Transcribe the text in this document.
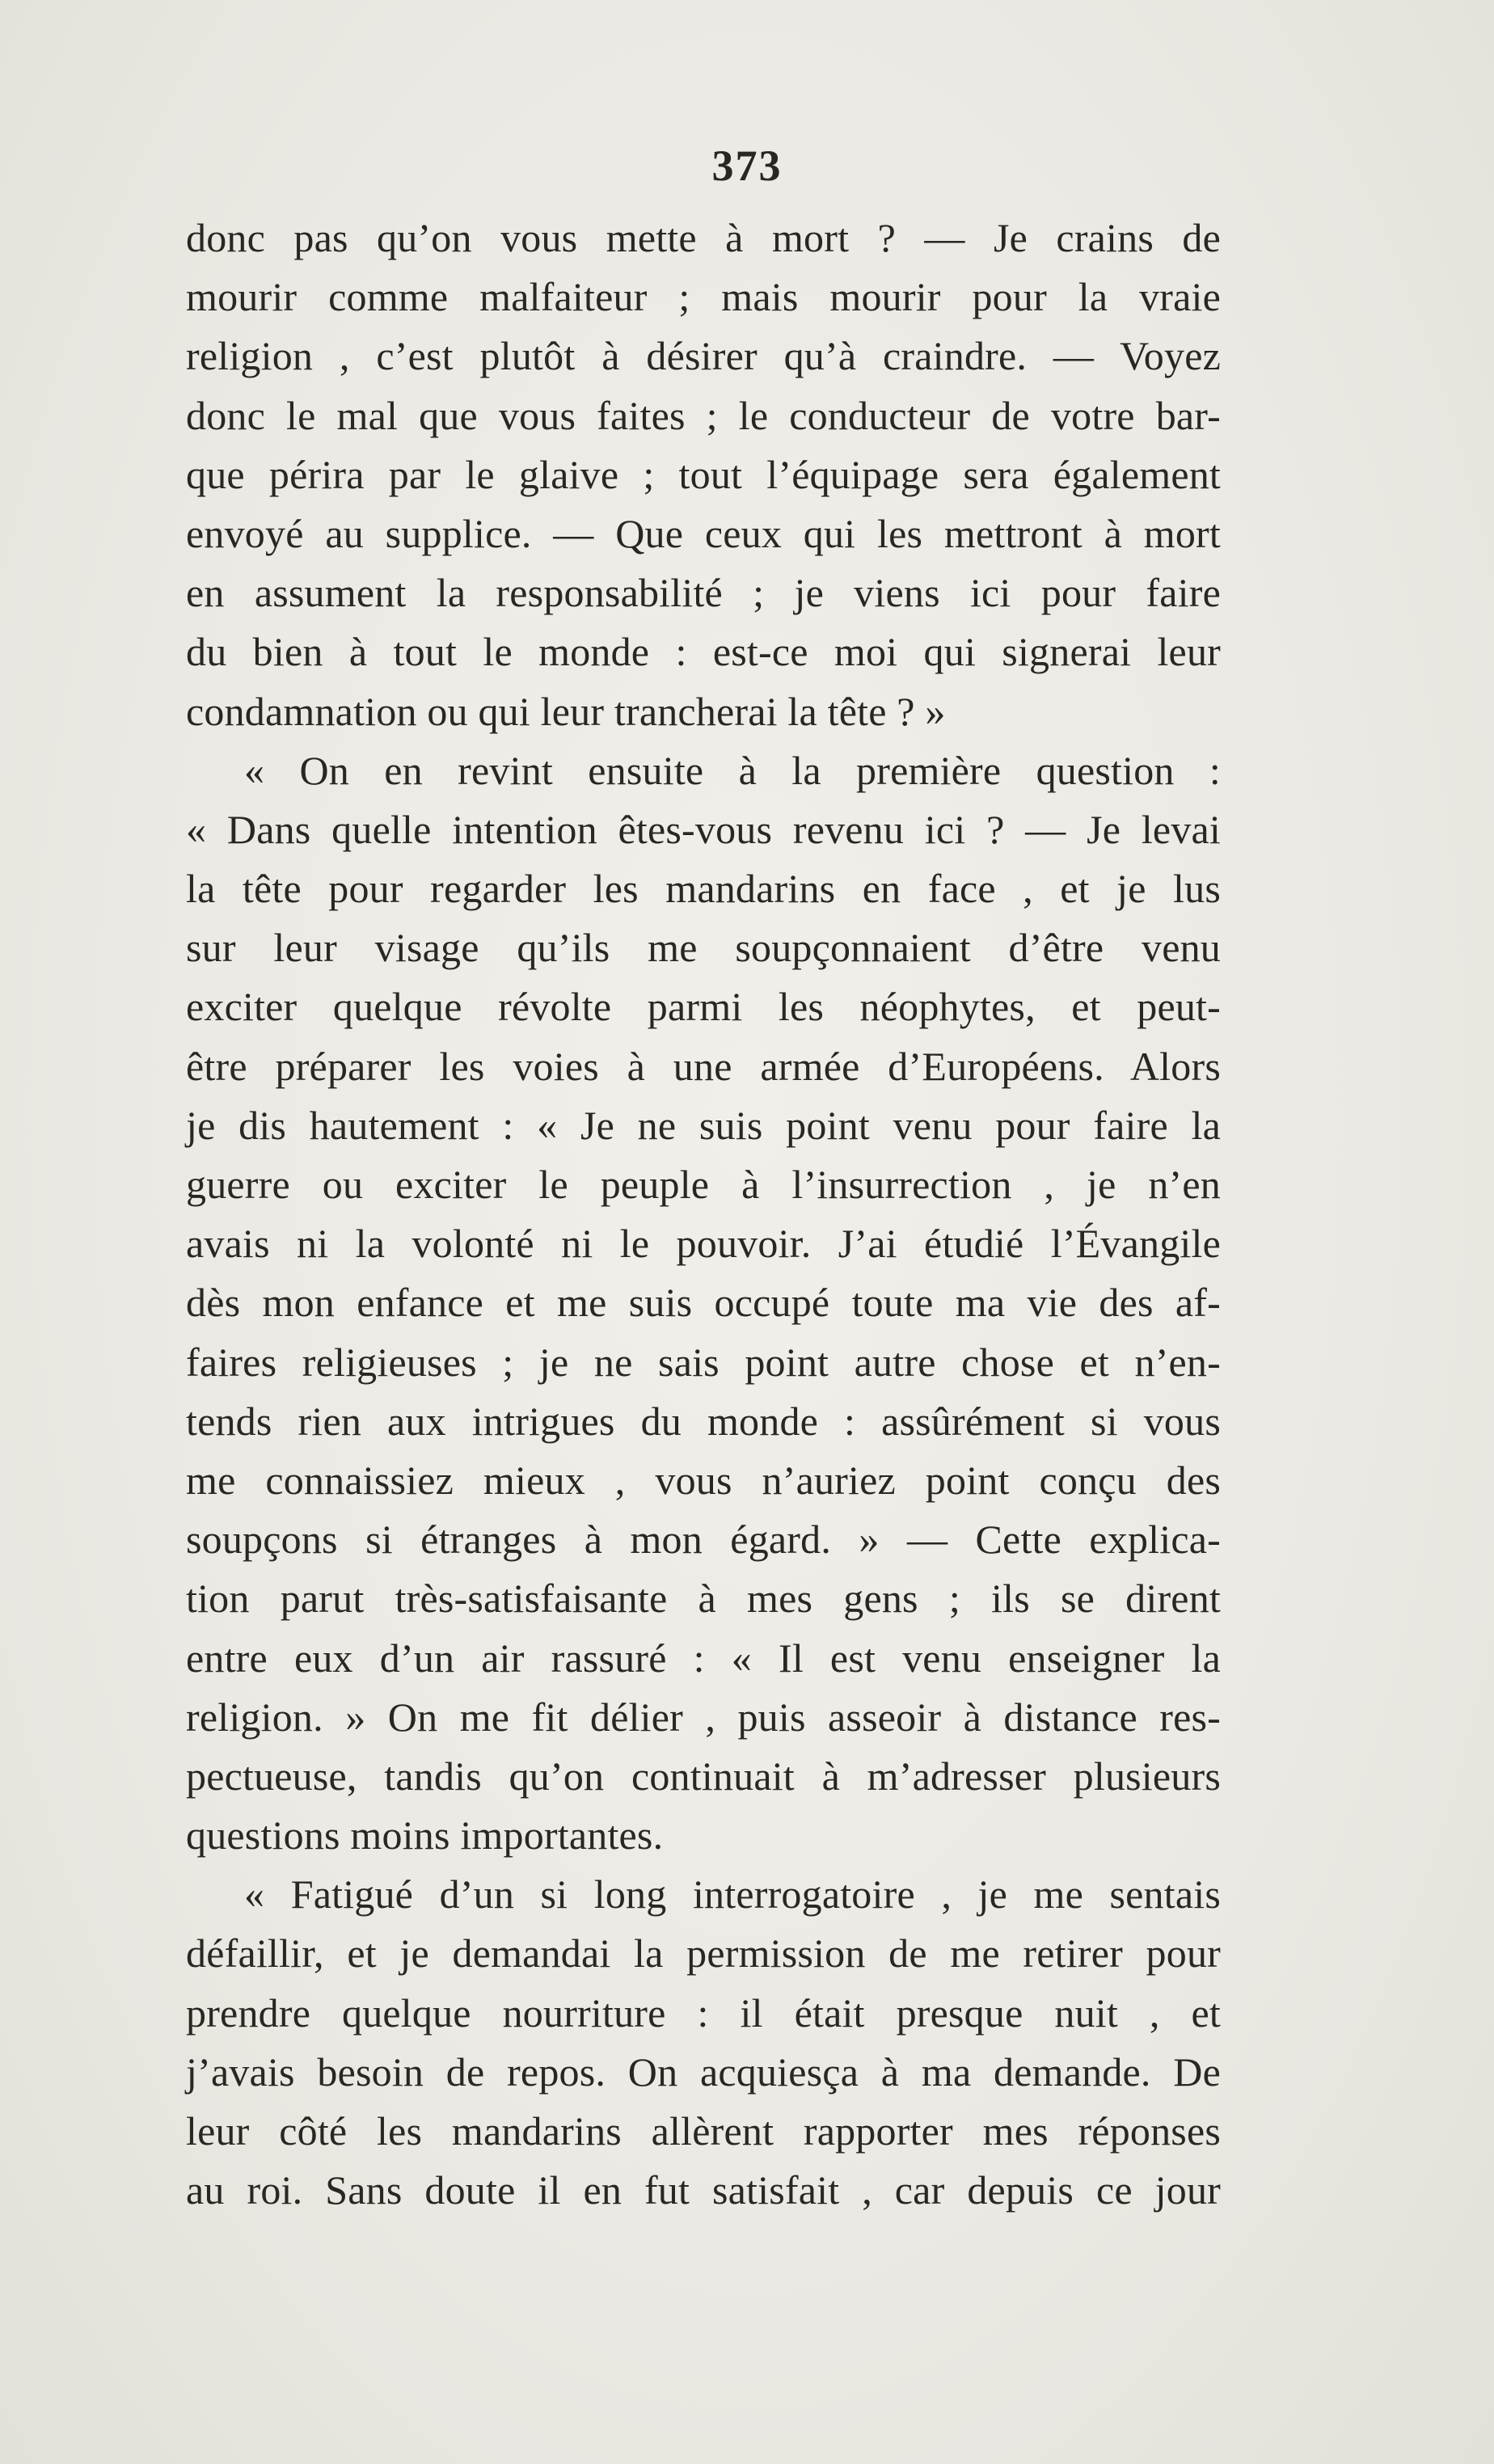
373
donc pas qu’on vous mette à mort ? — Je crains de
mourir comme malfaiteur ; mais mourir pour la vraie
religion , c’est plutôt à désirer qu’à craindre. — Voyez
donc le mal que vous faites ; le conducteur de votre bar-
que périra par le glaive ; tout l’équipage sera également
envoyé au supplice. — Que ceux qui les mettront à mort
en assument la responsabilité ; je viens ici pour faire
du bien à tout le monde : est-ce moi qui signerai leur
condamnation ou qui leur trancherai la tête ? »
« On en revint ensuite à la première question :
« Dans quelle intention êtes-vous revenu ici ? — Je levai
la tête pour regarder les mandarins en face , et je lus
sur leur visage qu’ils me soupçonnaient d’être venu
exciter quelque révolte parmi les néophytes, et peut-
être préparer les voies à une armée d’Européens. Alors
je dis hautement : « Je ne suis point venu pour faire la
guerre ou exciter le peuple à l’insurrection , je n’en
avais ni la volonté ni le pouvoir. J’ai étudié l’Évangile
dès mon enfance et me suis occupé toute ma vie des af-
faires religieuses ; je ne sais point autre chose et n’en-
tends rien aux intrigues du monde : assûrément si vous
me connaissiez mieux , vous n’auriez point conçu des
soupçons si étranges à mon égard. » — Cette explica-
tion parut très-satisfaisante à mes gens ; ils se dirent
entre eux d’un air rassuré : « Il est venu enseigner la
religion. » On me fit délier , puis asseoir à distance res-
pectueuse, tandis qu’on continuait à m’adresser plusieurs
questions moins importantes.
« Fatigué d’un si long interrogatoire , je me sentais
défaillir, et je demandai la permission de me retirer pour
prendre quelque nourriture : il était presque nuit , et
j’avais besoin de repos. On acquiesça à ma demande. De
leur côté les mandarins allèrent rapporter mes réponses
au roi. Sans doute il en fut satisfait , car depuis ce jour
